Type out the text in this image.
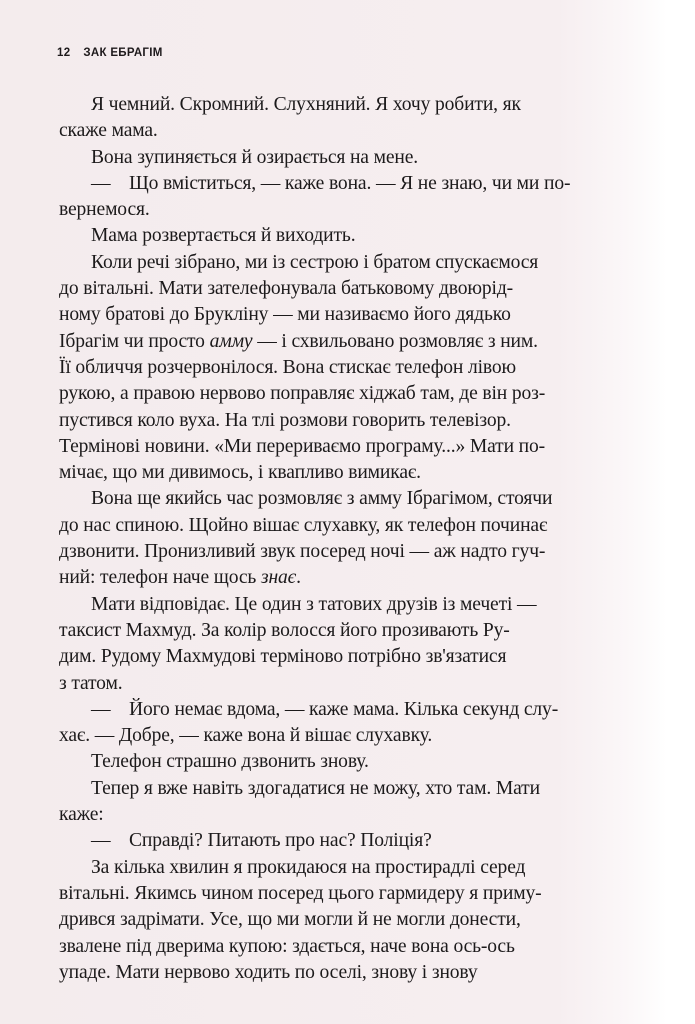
12 ЗАК ЕБРАГІМ
Я чемний. Скромний. Слухняний. Я хочу робити, як
скаже мама.
Вона зупиняється й озирається на мене.
— Що вміститься, — каже вона. — Я не знаю, чи ми по-
вернемося.
Мама розвертається й виходить.
Коли речі зібрано, ми із сестрою і братом спускаємося
до вітальні. Мати зателефонувала батьковому двоюрід-
ному братові до Брукліну — ми називаємо його дядько
Ібрагім чи просто амму — і схвильовано розмовляє з ним.
Її обличчя розчервонілося. Вона стискає телефон лівою
рукою, а правою нервово поправляє хіджаб там, де він роз-
пустився коло вуха. На тлі розмови говорить телевізор.
Термінові новини. «Ми перериваємо програму...» Мати по-
мічає, що ми дивимось, і квапливо вимикає.
Вона ще якийсь час розмовляє з амму Ібрагімом, стоячи
до нас спиною. Щойно вішає слухавку, як телефон починає
дзвонити. Пронизливий звук посеред ночі — аж надто гуч-
ний: телефон наче щось знає.
Мати відповідає. Це один з татових друзів із мечеті —
таксист Махмуд. За колір волосся його прозивають Ру-
дим. Рудому Махмудові терміново потрібно зв'язатися
з татом.
— Його немає вдома, — каже мама. Кілька секунд слу-
хає. — Добре, — каже вона й вішає слухавку.
Телефон страшно дзвонить знову.
Тепер я вже навіть здогадатися не можу, хто там. Мати
каже:
— Справді? Питають про нас? Поліція?
За кілька хвилин я прокидаюся на простирадлі серед
вітальні. Якимсь чином посеред цього гармидеру я приму-
дрився задрімати. Усе, що ми могли й не могли донести,
звалене під дверима купою: здається, наче вона ось-ось
упаде. Мати нервово ходить по оселі, знову і знову
